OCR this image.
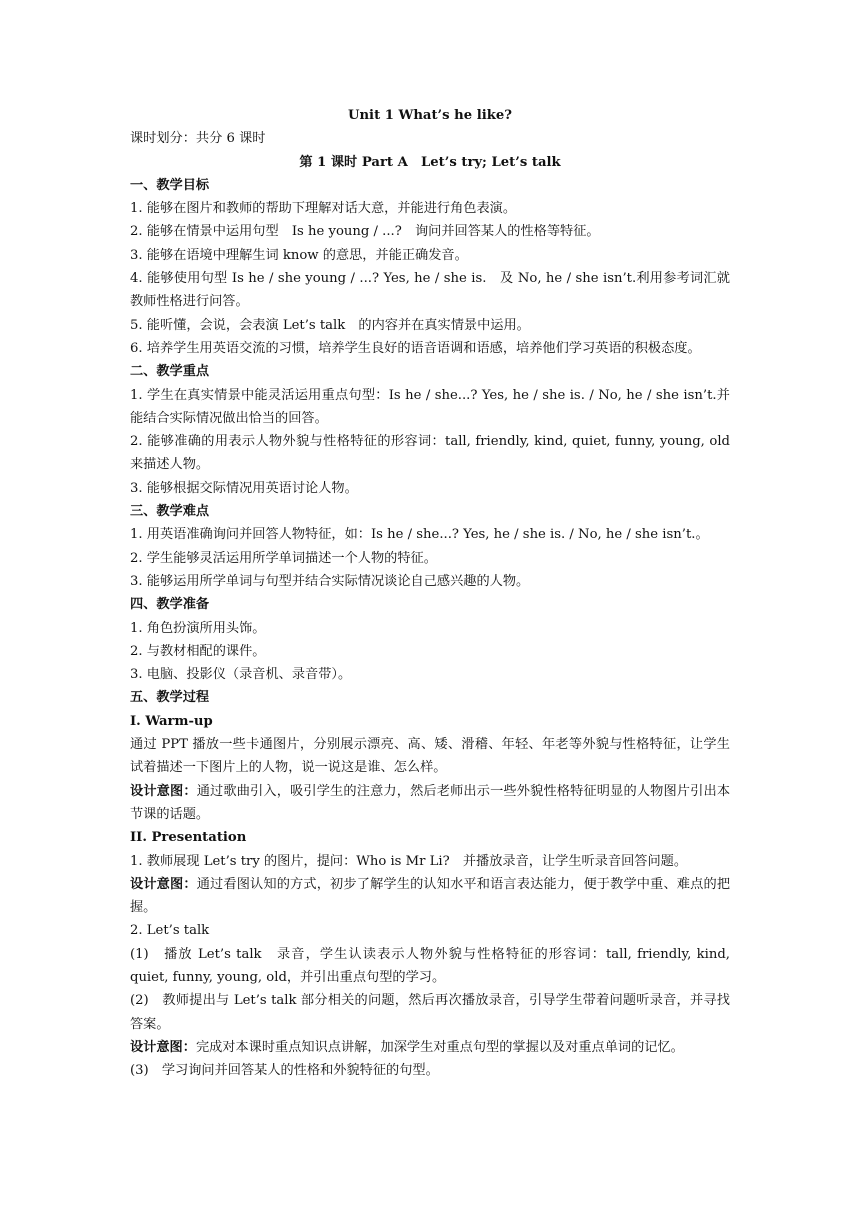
Unit 1 What’s he like?
课时划分：共分 6 课时
第 1 课时 Part A　Let’s try; Let’s talk
一、教学目标
1. 能够在图片和教师的帮助下理解对话大意，并能进行角色表演。
2. 能够在情景中运用句型　Is he young / ...?　询问并回答某人的性格等特征。
3. 能够在语境中理解生词 know 的意思，并能正确发音。
4. 能够使用句型 Is he / she young / ...? Yes, he / she is.　及 No, he / she isn’t.利用参考词汇就教师性格进行问答。
5. 能听懂，会说，会表演 Let’s talk　的内容并在真实情景中运用。
6. 培养学生用英语交流的习惯，培养学生良好的语音语调和语感，培养他们学习英语的积极态度。
二、教学重点
1. 学生在真实情景中能灵活运用重点句型：Is he / she...? Yes, he / she is. / No, he / she isn’t.并能结合实际情况做出恰当的回答。
2. 能够准确的用表示人物外貌与性格特征的形容词：tall, friendly, kind, quiet, funny, young, old　来描述人物。
3. 能够根据交际情况用英语讨论人物。
三、教学难点
1. 用英语准确询问并回答人物特征，如：Is he / she...? Yes, he / she is. / No, he / she isn’t.。
2. 学生能够灵活运用所学单词描述一个人物的特征。
3. 能够运用所学单词与句型并结合实际情况谈论自己感兴趣的人物。
四、教学准备
1. 角色扮演所用头饰。
2. 与教材相配的课件。
3. 电脑、投影仪（录音机、录音带）。
五、教学过程
I. Warm-up
通过 PPT 播放一些卡通图片，分别展示漂亮、高、矮、滑稽、年轻、年老等外貌与性格特征，让学生试着描述一下图片上的人物，说一说这是谁、怎么样。
设计意图：通过歌曲引入，吸引学生的注意力，然后老师出示一些外貌性格特征明显的人物图片引出本节课的话题。
II. Presentation
1. 教师展现 Let’s try 的图片，提问：Who is Mr Li?　并播放录音，让学生听录音回答问题。
设计意图：通过看图认知的方式，初步了解学生的认知水平和语言表达能力，便于教学中重、难点的把握。
2. Let’s talk
(1)　播放 Let’s talk　录音，学生认读表示人物外貌与性格特征的形容词：tall, friendly, kind, quiet, funny, young, old，并引出重点句型的学习。
(2)　教师提出与 Let’s talk 部分相关的问题，然后再次播放录音，引导学生带着问题听录音，并寻找答案。
设计意图：完成对本课时重点知识点讲解，加深学生对重点句型的掌握以及对重点单词的记忆。
(3)　学习询问并回答某人的性格和外貌特征的句型。
